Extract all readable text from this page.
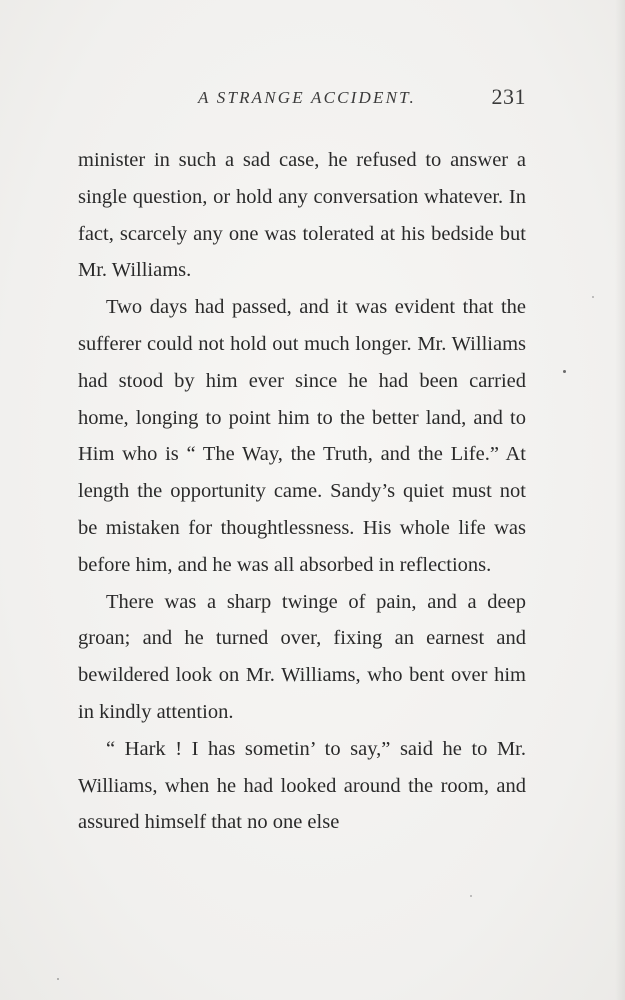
A STRANGE ACCIDENT.	231

minister in such a sad case, he refused to answer a single question, or hold any conversation whatever. In fact, scarcely any one was tolerated at his bedside but Mr. Williams.

Two days had passed, and it was evident that the sufferer could not hold out much longer. Mr. Williams had stood by him ever since he had been carried home, longing to point him to the better land, and to Him who is “ The Way, the Truth, and the Life.” At length the opportunity came. Sandy’s quiet must not be mistaken for thoughtlessness. His whole life was before him, and he was all absorbed in reflections.

There was a sharp twinge of pain, and a deep groan; and he turned over, fixing an earnest and bewildered look on Mr. Williams, who bent over him in kindly attention.

“ Hark ! I has sometin’ to say,” said he to Mr. Williams, when he had looked around the room, and assured himself that no one else
